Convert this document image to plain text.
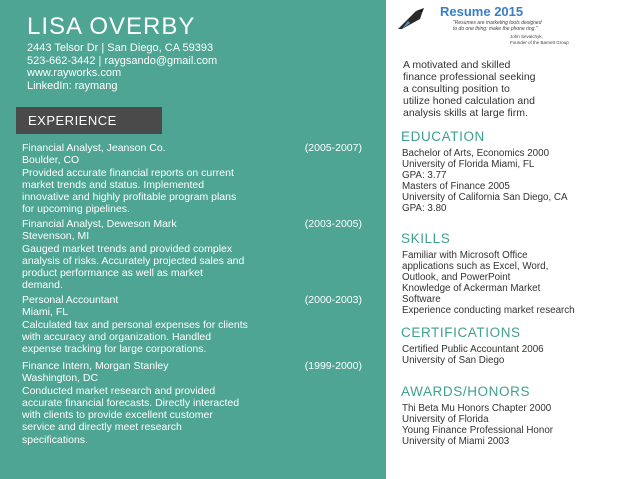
LISA OVERBY
2443 Telsor Dr | San Diego, CA 59393
523-662-3442 | raygsando@gmail.com
www.rayworks.com
LinkedIn: raymang
EXPERIENCE
Financial Analyst, Jeanson Co.	(2005-2007)
Boulder, CO
Provided accurate financial reports on current
market trends and status. Implemented
innovative and highly profitable program plans
for upcoming pipelines.
Financial Analyst, Deweson Mark	(2003-2005)
Stevenson, MI
Gauged market trends and provided complex
analysis of risks. Accurately projected sales and
product performance as well as market
demand.
Personal Accountant	(2000-2003)
Miami, FL
Calculated tax and personal expenses for clients
with accuracy and organization. Handled
expense tracking for large corporations.
Finance Intern, Morgan Stanley	(1999-2000)
Washington, DC
Conducted market research and provided
accurate financial forecasts. Directly interacted
with clients to provide excellent customer
service and directly meet research
specifications.
Resume 2015
"Resumes are marketing tools designed
to do one thing: make the phone ring."
John Sevalchyk,
Founder of the Barnett Group
A motivated and skilled
finance professional seeking
a consulting position to
utilize honed calculation and
analysis skills at large firm.
EDUCATION
Bachelor of Arts, Economics 2000
University of Florida Miami, FL
GPA: 3.77
Masters of Finance 2005
University of California San Diego, CA
GPA: 3.80
SKILLS
Familiar with Microsoft Office
applications such as Excel, Word,
Outlook, and PowerPoint
Knowledge of Ackerman Market
Software
Experience conducting market research
CERTIFICATIONS
Certified Public Accountant 2006
University of San Diego
AWARDS/HONORS
Thi Beta Mu Honors Chapter 2000
University of Florida
Young Finance Professional Honor
University of Miami 2003
